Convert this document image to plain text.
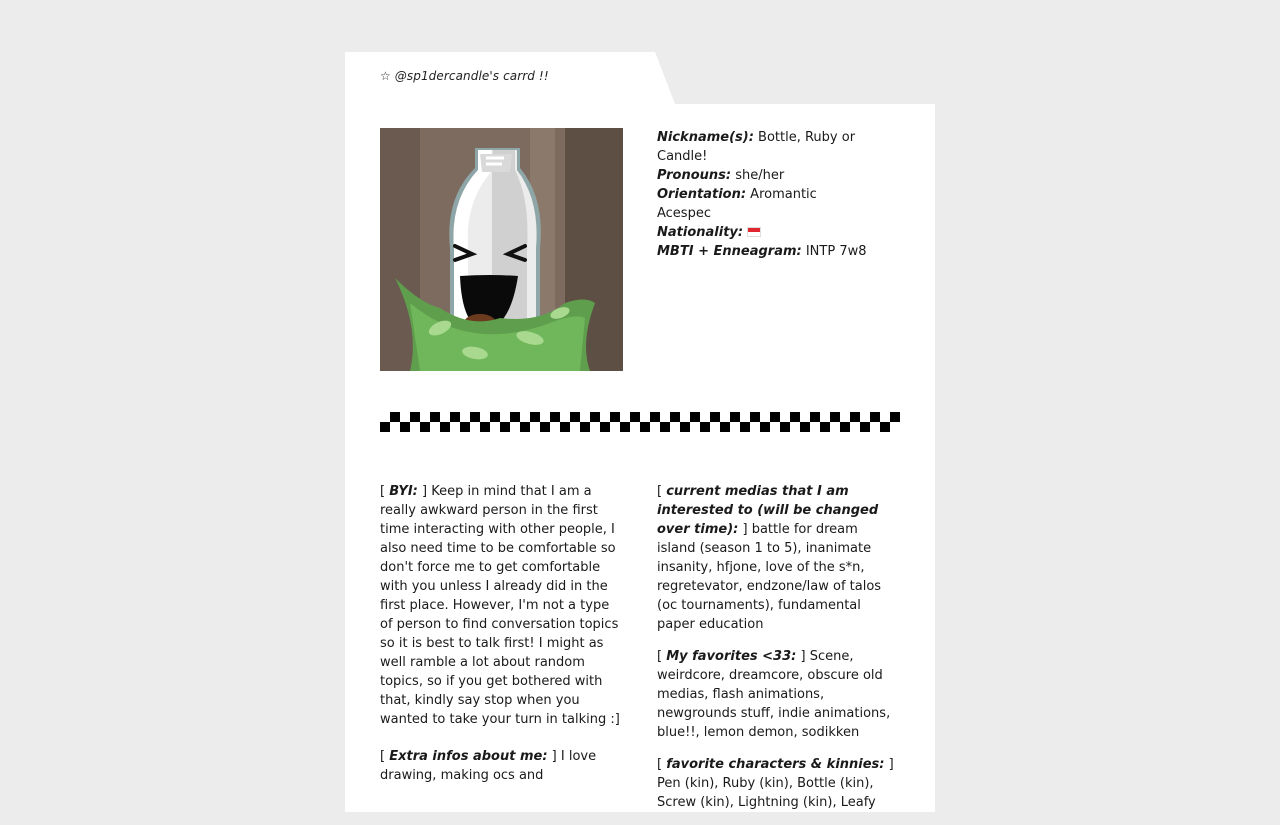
☆ @sp1dercandle's carrd !!

Nickname(s): Bottle, Ruby or Candle!

Pronouns: she/her

Orientation: Aromantic Acespec

Nationality:

MBTI + Enneagram: INTP 7w8

[ BYI: ] Keep in mind that I am a really awkward person in the first time interacting with other people, I also need time to be comfortable so don't force me to get comfortable with you unless I already did in the first place. However, I'm not a type of person to find conversation topics so it is best to talk first! I might as well ramble a lot about random topics, so if you get bothered with that, kindly say stop when you wanted to take your turn in talking :]

[ Extra infos about me: ] I love drawing, making ocs and

[ current medias that I am interested to (will be changed over time): ] battle for dream island (season 1 to 5), inanimate insanity, hfjone, love of the s*n, regretevator, endzone/law of talos (oc tournaments), fundamental paper education

[ My favorites <33: ] Scene, weirdcore, dreamcore, obscure old medias, flash animations, newgrounds stuff, indie animations, blue!!, lemon demon, sodikken

[ favorite characters & kinnies: ] Pen (kin), Ruby (kin), Bottle (kin), Screw (kin), Lightning (kin), Leafy
